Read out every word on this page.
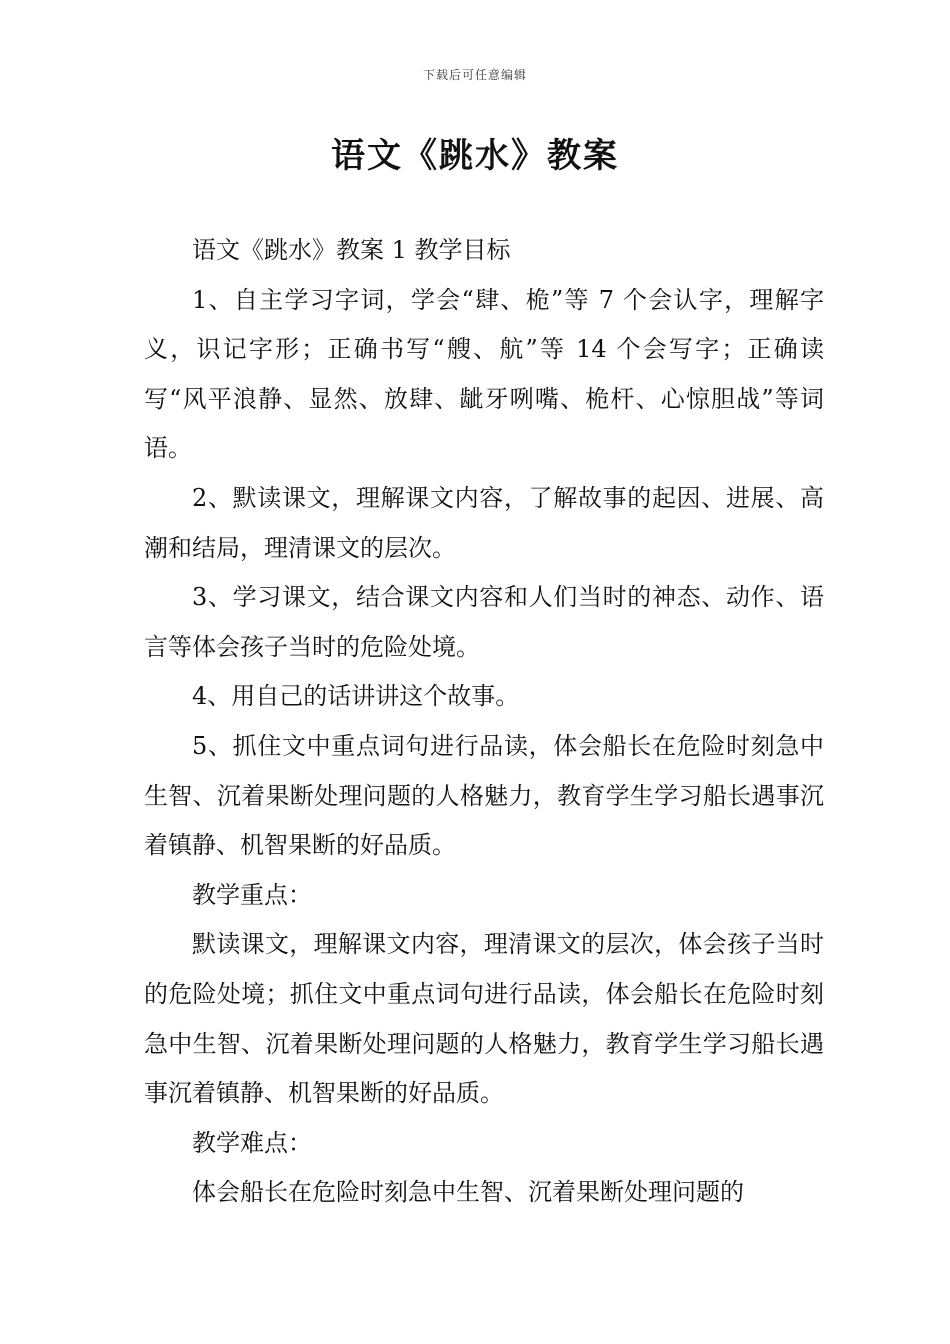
下载后可任意编辑
语文《跳水》教案

语文《跳水》教案 1 教学目标

1、自主学习字词，学会“肆、桅”等 7 个会认字，理解字义，识记字形；正确书写“艘、航”等 14 个会写字；正确读写“风平浪静、显然、放肆、龇牙咧嘴、桅杆、心惊胆战”等词语。

2、默读课文，理解课文内容，了解故事的起因、进展、高潮和结局，理清课文的层次。

3、学习课文，结合课文内容和人们当时的神态、动作、语言等体会孩子当时的危险处境。

4、用自己的话讲讲这个故事。

5、抓住文中重点词句进行品读，体会船长在危险时刻急中生智、沉着果断处理问题的人格魅力，教育学生学习船长遇事沉着镇静、机智果断的好品质。

教学重点：

默读课文，理解课文内容，理清课文的层次，体会孩子当时的危险处境；抓住文中重点词句进行品读，体会船长在危险时刻急中生智、沉着果断处理问题的人格魅力，教育学生学习船长遇事沉着镇静、机智果断的好品质。

教学难点：

体会船长在危险时刻急中生智、沉着果断处理问题的
